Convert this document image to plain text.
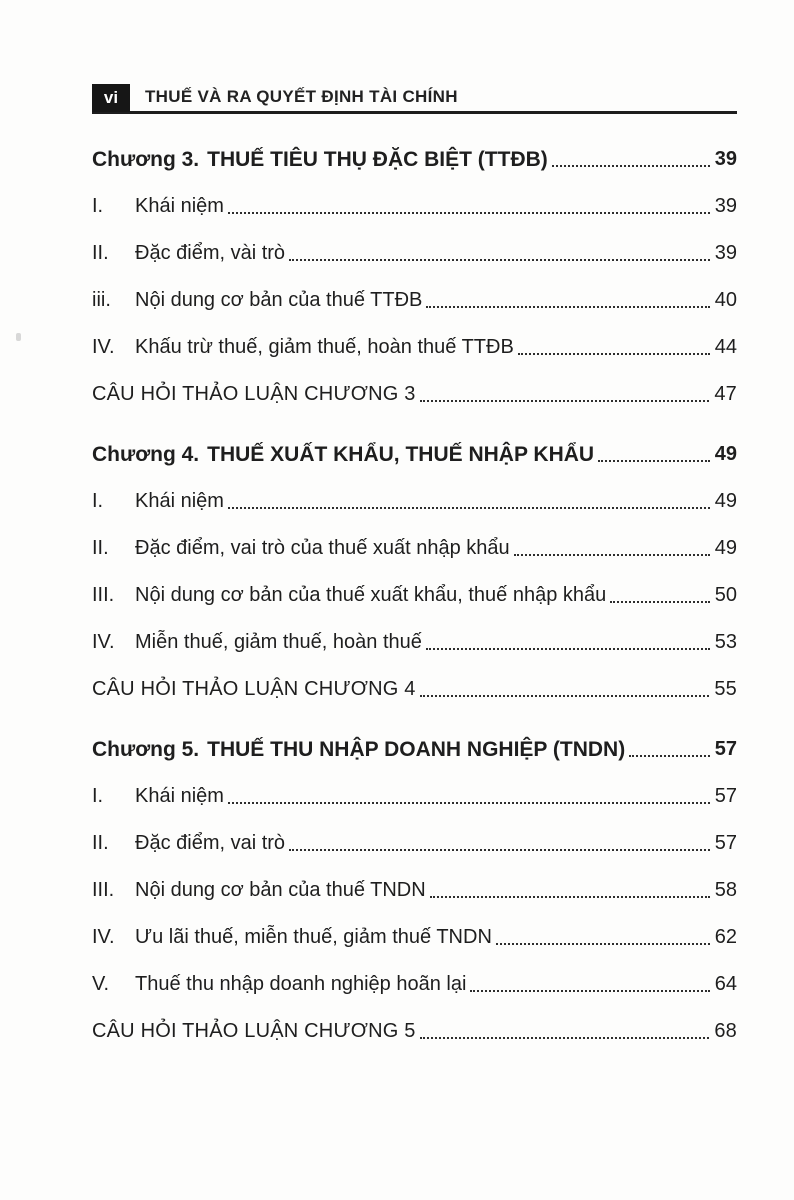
vi	THUẾ VÀ RA QUYẾT ĐỊNH TÀI CHÍNH
Chương 3. THUẾ TIÊU THỤ ĐẶC BIỆT (TTĐB)	39
I.	Khái niệm	39
II.	Đặc điểm, vài trò	39
iii.	Nội dung cơ bản của thuế TTĐB	40
IV.	Khấu trừ thuế, giảm thuế, hoàn thuế TTĐB	44
CÂU HỎI THẢO LUẬN CHƯƠNG 3	47
Chương 4. THUẾ XUẤT KHẨU, THUẾ NHẬP KHẨU	49
I.	Khái niệm	49
II.	Đặc điểm, vai trò của thuế xuất nhập khẩu	49
III.	Nội dung cơ bản của thuế xuất khẩu, thuế nhập khẩu	50
IV.	Miễn thuế, giảm thuế, hoàn thuế	53
CÂU HỎI THẢO LUẬN CHƯƠNG 4	55
Chương 5. THUẾ THU NHẬP DOANH NGHIỆP (TNDN)	57
I.	Khái niệm	57
II.	Đặc điểm, vai trò	57
III.	Nội dung cơ bản của thuế TNDN	58
IV.	Ưu lãi thuế, miễn thuế, giảm thuế TNDN	62
V.	Thuế thu nhập doanh nghiệp hoãn lại	64
CÂU HỎI THẢO LUẬN CHƯƠNG 5	68
